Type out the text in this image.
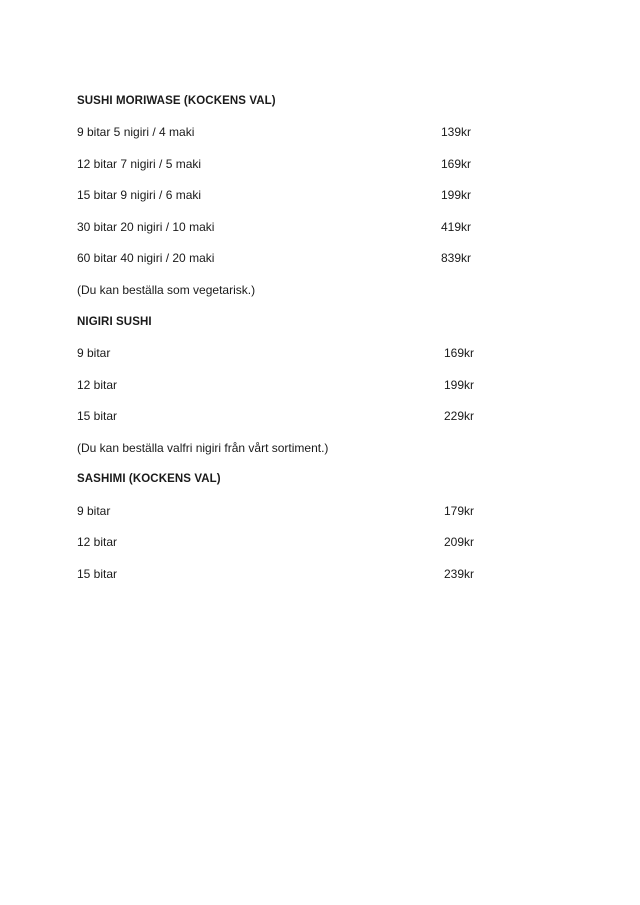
SUSHI MORIWASE (KOCKENS VAL)
9 bitar 5 nigiri / 4 maki	139kr
12 bitar 7 nigiri / 5 maki	169kr
15 bitar 9 nigiri / 6 maki	199kr
30 bitar 20 nigiri / 10 maki	419kr
60 bitar 40 nigiri / 20 maki	839kr
(Du kan beställa som vegetarisk.)
NIGIRI SUSHI
9 bitar	169kr
12 bitar	199kr
15 bitar	229kr
(Du kan beställa valfri nigiri från vårt sortiment.)
SASHIMI (KOCKENS VAL)
9 bitar	179kr
12 bitar	209kr
15 bitar	239kr
